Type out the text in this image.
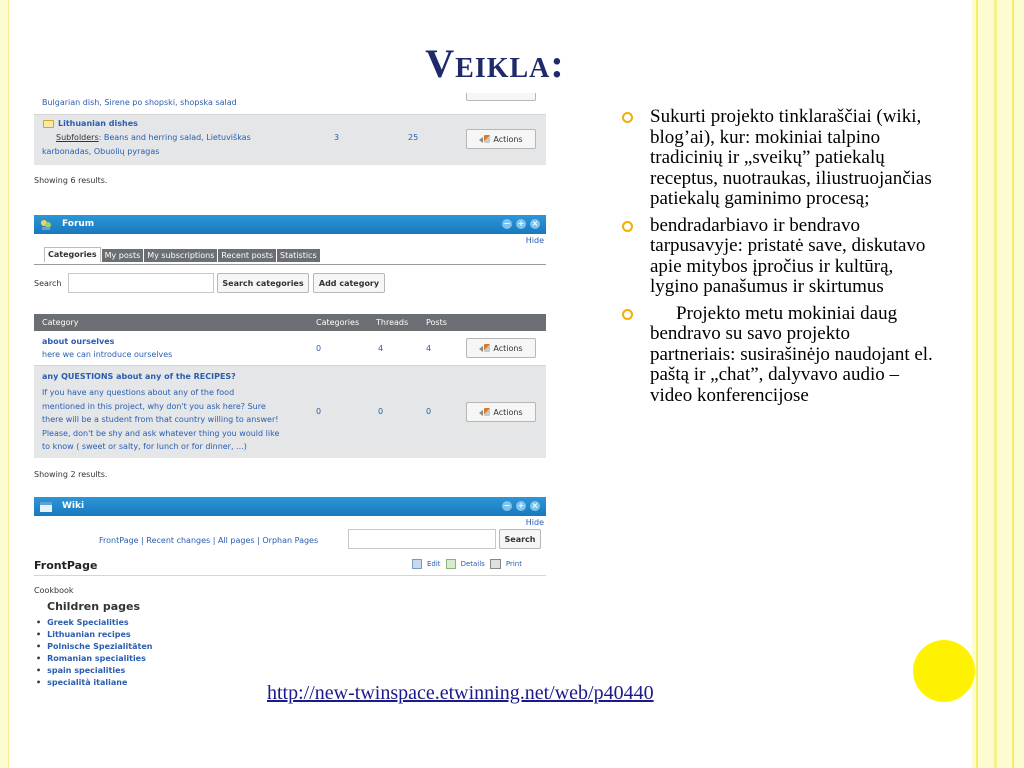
Veikla:
Bulgarian dish, Sirene po shopski, shopska salad
Lithuanian dishes
Subfolders: Beans and herring salad, Lietuviškas
karbonadas, Obuolių pyragas
3	25	Actions
Showing 6 results.
Forum	− + ×
Hide
Categories	My posts My subscriptions Recent posts Statistics
Search	Search categories	Add category
Category	Categories Threads Posts
about ourselves
here we can introduce ourselves
0	4	4	Actions
any QUESTIONS about any of the RECIPES?
If you have any questions about any of the food
mentioned in this project, why don't you ask here? Sure
there will be a student from that country willing to answer!
Please, don't be shy and ask whatever thing you would like
to know ( sweet or salty, for lunch or for dinner, ...)
0	0	0	Actions
Showing 2 results.
Wiki	− + ×
Hide
FrontPage | Recent changes | All pages | Orphan Pages	Search
FrontPage	Edit	Details	Print
Cookbook
Children pages
• Greek Specialities
• Lithuanian recipes
• Polnische Spezialitäten
• Romanian specialities
• spain specialities
• specialità italiane
Sukurti projekto tinklaraščiai (wiki, blog’ai), kur: mokiniai talpino tradicinių ir „sveikų” patiekalų receptus, nuotraukas, iliustruojančias patiekalų gaminimo procesą;
bendradarbiavo ir bendravo tarpusavyje: pristatė save, diskutavo apie mitybos įpročius ir kultūrą, lygino panašumus ir skirtumus
Projekto metu mokiniai daug bendravo su savo projekto partneriais: susirašinėjo naudojant el. paštą ir „chat”, dalyvavo audio – video konferencijose
http://new-twinspace.etwinning.net/web/p40440
